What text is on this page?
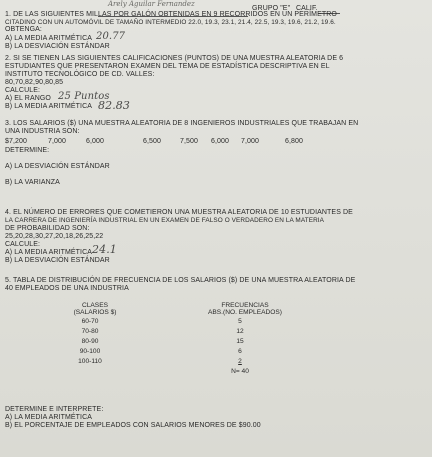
Arely Aguilar Fernandez
GRUPO "E" CALIF.
1. DE LAS SIGUIENTES MILLAS POR GALÓN OBTENIDAS EN 9 RECORRIDOS EN UN PERÍMETRO
CITADINO CON UN AUTOMÓVIL DE TAMAÑO INTERMEDIO 22.0, 19.3, 23.1, 21.4, 22.5, 19.3, 19.6, 21.2, 19.6.
OBTENGA:
A) LA MEDIA ARITMÉTICA 20.77
B) LA DESVIACIÓN ESTÁNDAR
2. SI SE TIENEN LAS SIGUIENTES CALIFICACIONES (PUNTOS) DE UNA MUESTRA ALEATORIA DE 6
ESTUDIANTES QUE PRESENTARON EXAMEN DEL TEMA DE ESTADÍSTICA DESCRIPTIVA EN EL
INSTITUTO TECNOLÓGICO DE CD. VALLES:
80,70,82,90,80,85
CALCULE:
A) EL RANGO 25 Puntos
B) LA MEDIA ARITMÉTICA 82.83
3. LOS SALARIOS ($) UNA MUESTRA ALEATORIA DE 8 INGENIEROS INDUSTRIALES QUE TRABAJAN EN
UNA INDUSTRIA SON:
$7,200	7,000	6,000	6,500	7,500 6,000 7,000	6,800
DETERMINE:
A) LA DESVIACIÓN ESTÁNDAR
B) LA VARIANZA
4. EL NÚMERO DE ERRORES QUE COMETIERON UNA MUESTRA ALEATORIA DE 10 ESTUDIANTES DE
LA CARRERA DE INGENIERÍA INDUSTRIAL EN UN EXAMEN DE FALSO O VERDADERO EN LA MATERIA
DE PROBABILIDAD SON:
25,20,28,30,27,20,18,26,25,22
CALCULE:
A) LA MEDIA ARITMÉTICA 24.1
B) LA DESVIACIÓN ESTÁNDAR
5. TABLA DE DISTRIBUCIÓN DE FRECUENCIA DE LOS SALARIOS ($) DE UNA MUESTRA ALEATORIA DE
40 EMPLEADOS DE UNA INDUSTRIA
CLASES
(SALARIOS $)
FRECUENCIAS
ABS.(NO. EMPLEADOS)
60-70	5
70-80	12
80-90	15
90-100	6
100-110	2
N= 40
DETERMINE E INTERPRETE:
A) LA MEDIA ARITMÉTICA
B) EL PORCENTAJE DE EMPLEADOS CON SALARIOS MENORES DE $90.00
